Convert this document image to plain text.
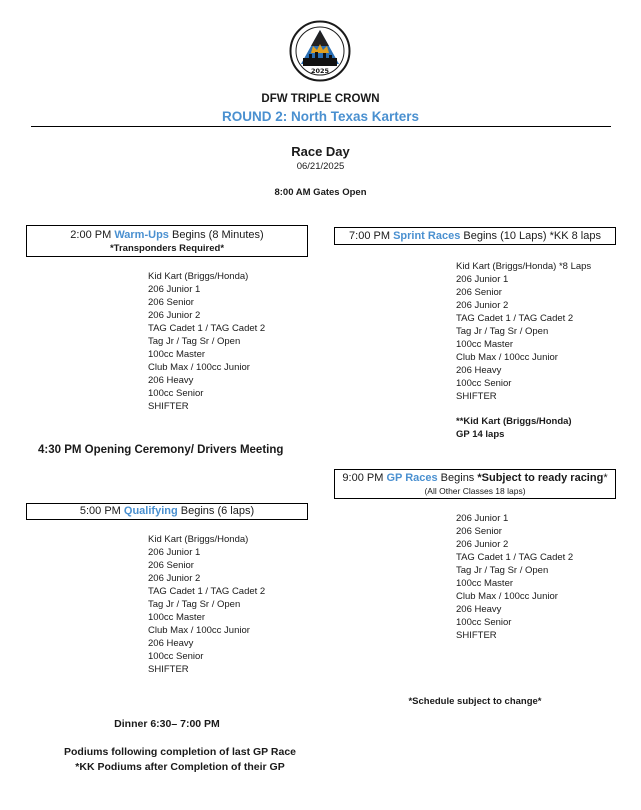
2025
DFW TRIPLE CROWN
ROUND 2: North Texas Karters
Race Day
06/21/2025
8:00 AM Gates Open
2:00 PM Warm-Ups Begins (8 Minutes)
*Transponders Required*
Kid Kart (Briggs/Honda)
206 Junior 1
206 Senior
206 Junior 2
TAG Cadet 1 / TAG Cadet 2
Tag Jr / Tag Sr / Open
100cc Master
Club Max / 100cc Junior
206 Heavy
100cc Senior
SHIFTER
7:00 PM Sprint Races Begins (10 Laps) *KK 8 laps
Kid Kart (Briggs/Honda) *8 Laps
206 Junior 1
206 Senior
206 Junior 2
TAG Cadet 1 / TAG Cadet 2
Tag Jr / Tag Sr / Open
100cc Master
Club Max / 100cc Junior
206 Heavy
100cc Senior
SHIFTER
**Kid Kart (Briggs/Honda)
GP 14 laps
4:30 PM Opening Ceremony/ Drivers Meeting
9:00 PM GP Races Begins *Subject to ready racing*
(All Other Classes 18 laps)
206 Junior 1
206 Senior
206 Junior 2
TAG Cadet 1 / TAG Cadet 2
Tag Jr / Tag Sr / Open
100cc Master
Club Max / 100cc Junior
206 Heavy
100cc Senior
SHIFTER
5:00 PM Qualifying Begins (6 laps)
Kid Kart (Briggs/Honda)
206 Junior 1
206 Senior
206 Junior 2
TAG Cadet 1 / TAG Cadet 2
Tag Jr / Tag Sr / Open
100cc Master
Club Max / 100cc Junior
206 Heavy
100cc Senior
SHIFTER
*Schedule subject to change*
Dinner 6:30– 7:00 PM
Podiums following completion of last GP Race
*KK Podiums after Completion of their GP
